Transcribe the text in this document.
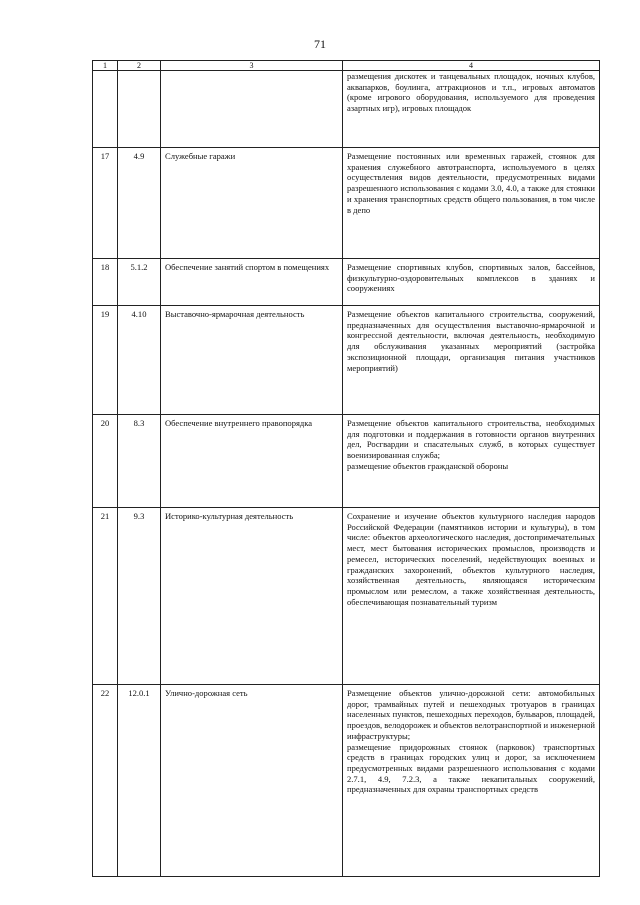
71
1	2	3	4

			размещения дискотек и танцевальных площадок, ночных клубов, аквапарков, боулинга, аттракционов и т.п., игровых автоматов (кроме игрового оборудования, используемого для проведения азартных игр), игровых площадок

17	4.9	Служебные гаражи	Размещение постоянных или временных гаражей, стоянок для хранения служебного автотранспорта, используемого в целях осуществления видов деятельности, предусмотренных видами разрешенного использования с кодами 3.0, 4.0, а также для стоянки и хранения транспортных средств общего пользования, в том числе в депо

18	5.1.2	Обеспечение занятий спортом в помещениях	Размещение спортивных клубов, спортивных залов, бассейнов, физкультурно-оздоровительных комплексов в зданиях и сооружениях

19	4.10	Выставочно-ярмарочная деятельность	Размещение объектов капитального строительства, сооружений, предназначенных для осуществления выставочно-ярмарочной и конгрессной деятельности, включая деятельность, необходимую для обслуживания указанных мероприятий (застройка экспозиционной площади, организация питания участников мероприятий)

20	8.3	Обеспечение внутреннего правопорядка	Размещение объектов капитального строительства, необходимых для подготовки и поддержания в готовности органов внутренних дел, Росгвардии и спасательных служб, в которых существует военизированная служба;
размещение объектов гражданской обороны

21	9.3	Историко-культурная деятельность	Сохранение и изучение объектов культурного наследия народов Российской Федерации (памятников истории и культуры), в том числе: объектов археологического наследия, достопримечательных мест, мест бытования исторических промыслов, производств и ремесел, исторических поселений, недействующих военных и гражданских захоронений, объектов культурного наследия, хозяйственная деятельность, являющаяся историческим промыслом или ремеслом, а также хозяйственная деятельность, обеспечивающая познавательный туризм

22	12.0.1	Улично-дорожная сеть	Размещение объектов улично-дорожной сети: автомобильных дорог, трамвайных путей и пешеходных тротуаров в границах населенных пунктов, пешеходных переходов, бульваров, площадей, проездов, велодорожек и объектов велотранспортной и инженерной инфраструктуры;
размещение придорожных стоянок (парковок) транспортных средств в границах городских улиц и дорог, за исключением предусмотренных видами разрешенного использования с кодами 2.7.1, 4.9, 7.2.3, а также некапитальных сооружений, предназначенных для охраны транспортных средств
